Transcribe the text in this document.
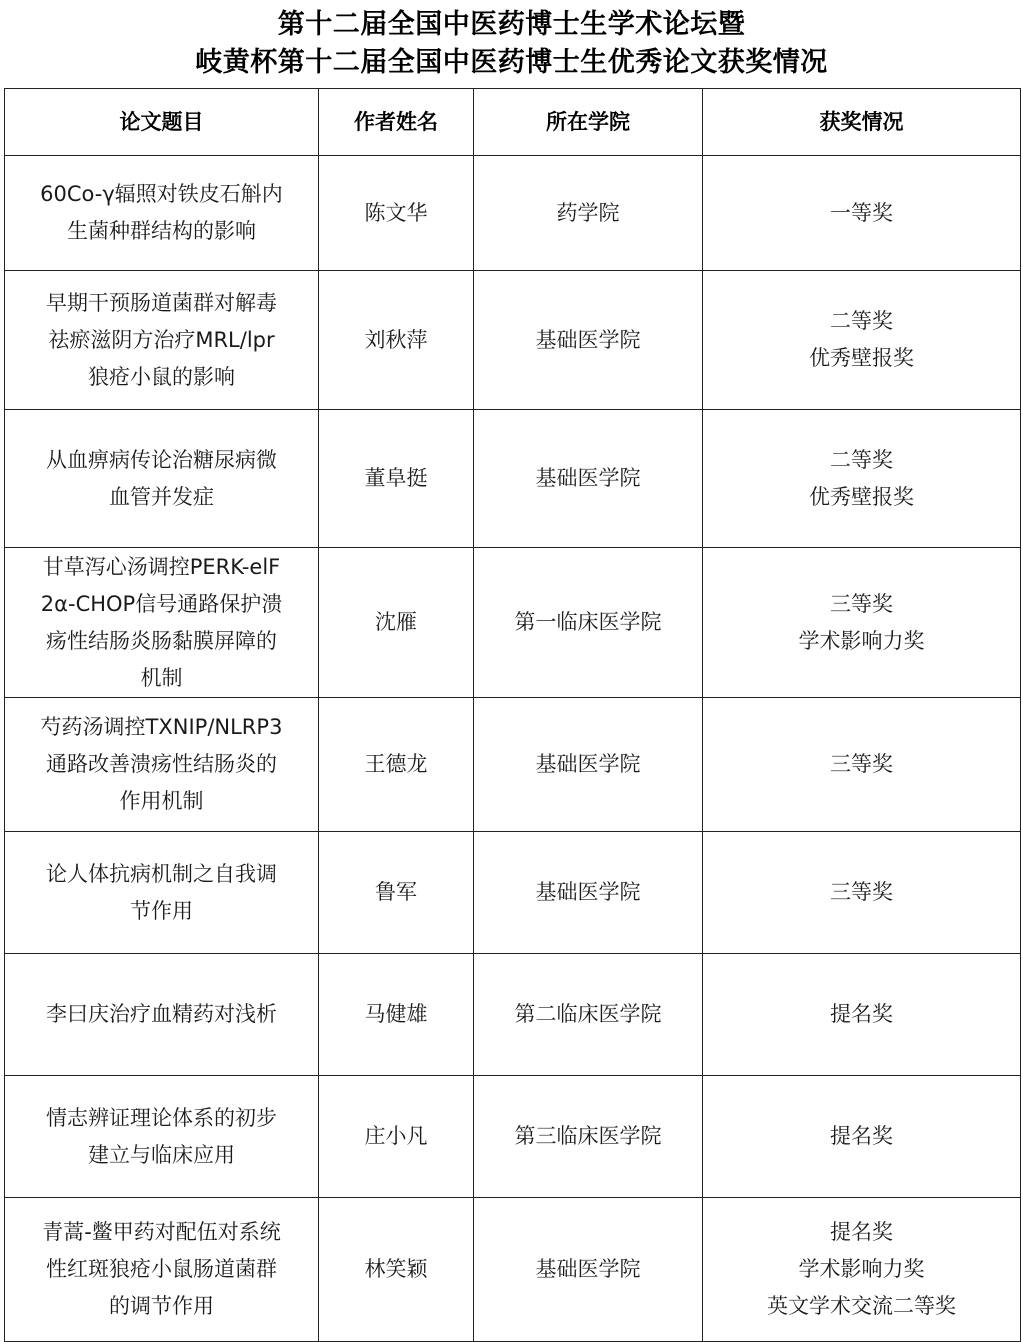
第十二届全国中医药博士生学术论坛暨
岐黄杯第十二届全国中医药博士生优秀论文获奖情况
论文题目	作者姓名	所在学院	获奖情况

60Co-γ辐照对铁皮石斛内
生菌种群结构的影响	陈文华	药学院	一等奖

早期干预肠道菌群对解毒
祛瘀滋阴方治疗MRL/lpr
狼疮小鼠的影响	刘秋萍	基础医学院	二等奖
优秀壁报奖

从血痹病传论治糖尿病微
血管并发症	董阜挺	基础医学院	二等奖
优秀壁报奖

甘草泻心汤调控PERK-elF
2α-CHOP信号通路保护溃
疡性结肠炎肠黏膜屏障的
机制	沈雁	第一临床医学院	三等奖
学术影响力奖

芍药汤调控TXNIP/NLRP3
通路改善溃疡性结肠炎的
作用机制	王德龙	基础医学院	三等奖

论人体抗病机制之自我调
节作用	鲁军	基础医学院	三等奖

李曰庆治疗血精药对浅析	马健雄	第二临床医学院	提名奖

情志辨证理论体系的初步
建立与临床应用	庄小凡	第三临床医学院	提名奖

青蒿-鳖甲药对配伍对系统
性红斑狼疮小鼠肠道菌群
的调节作用	林笑颖	基础医学院	提名奖
学术影响力奖
英文学术交流二等奖
